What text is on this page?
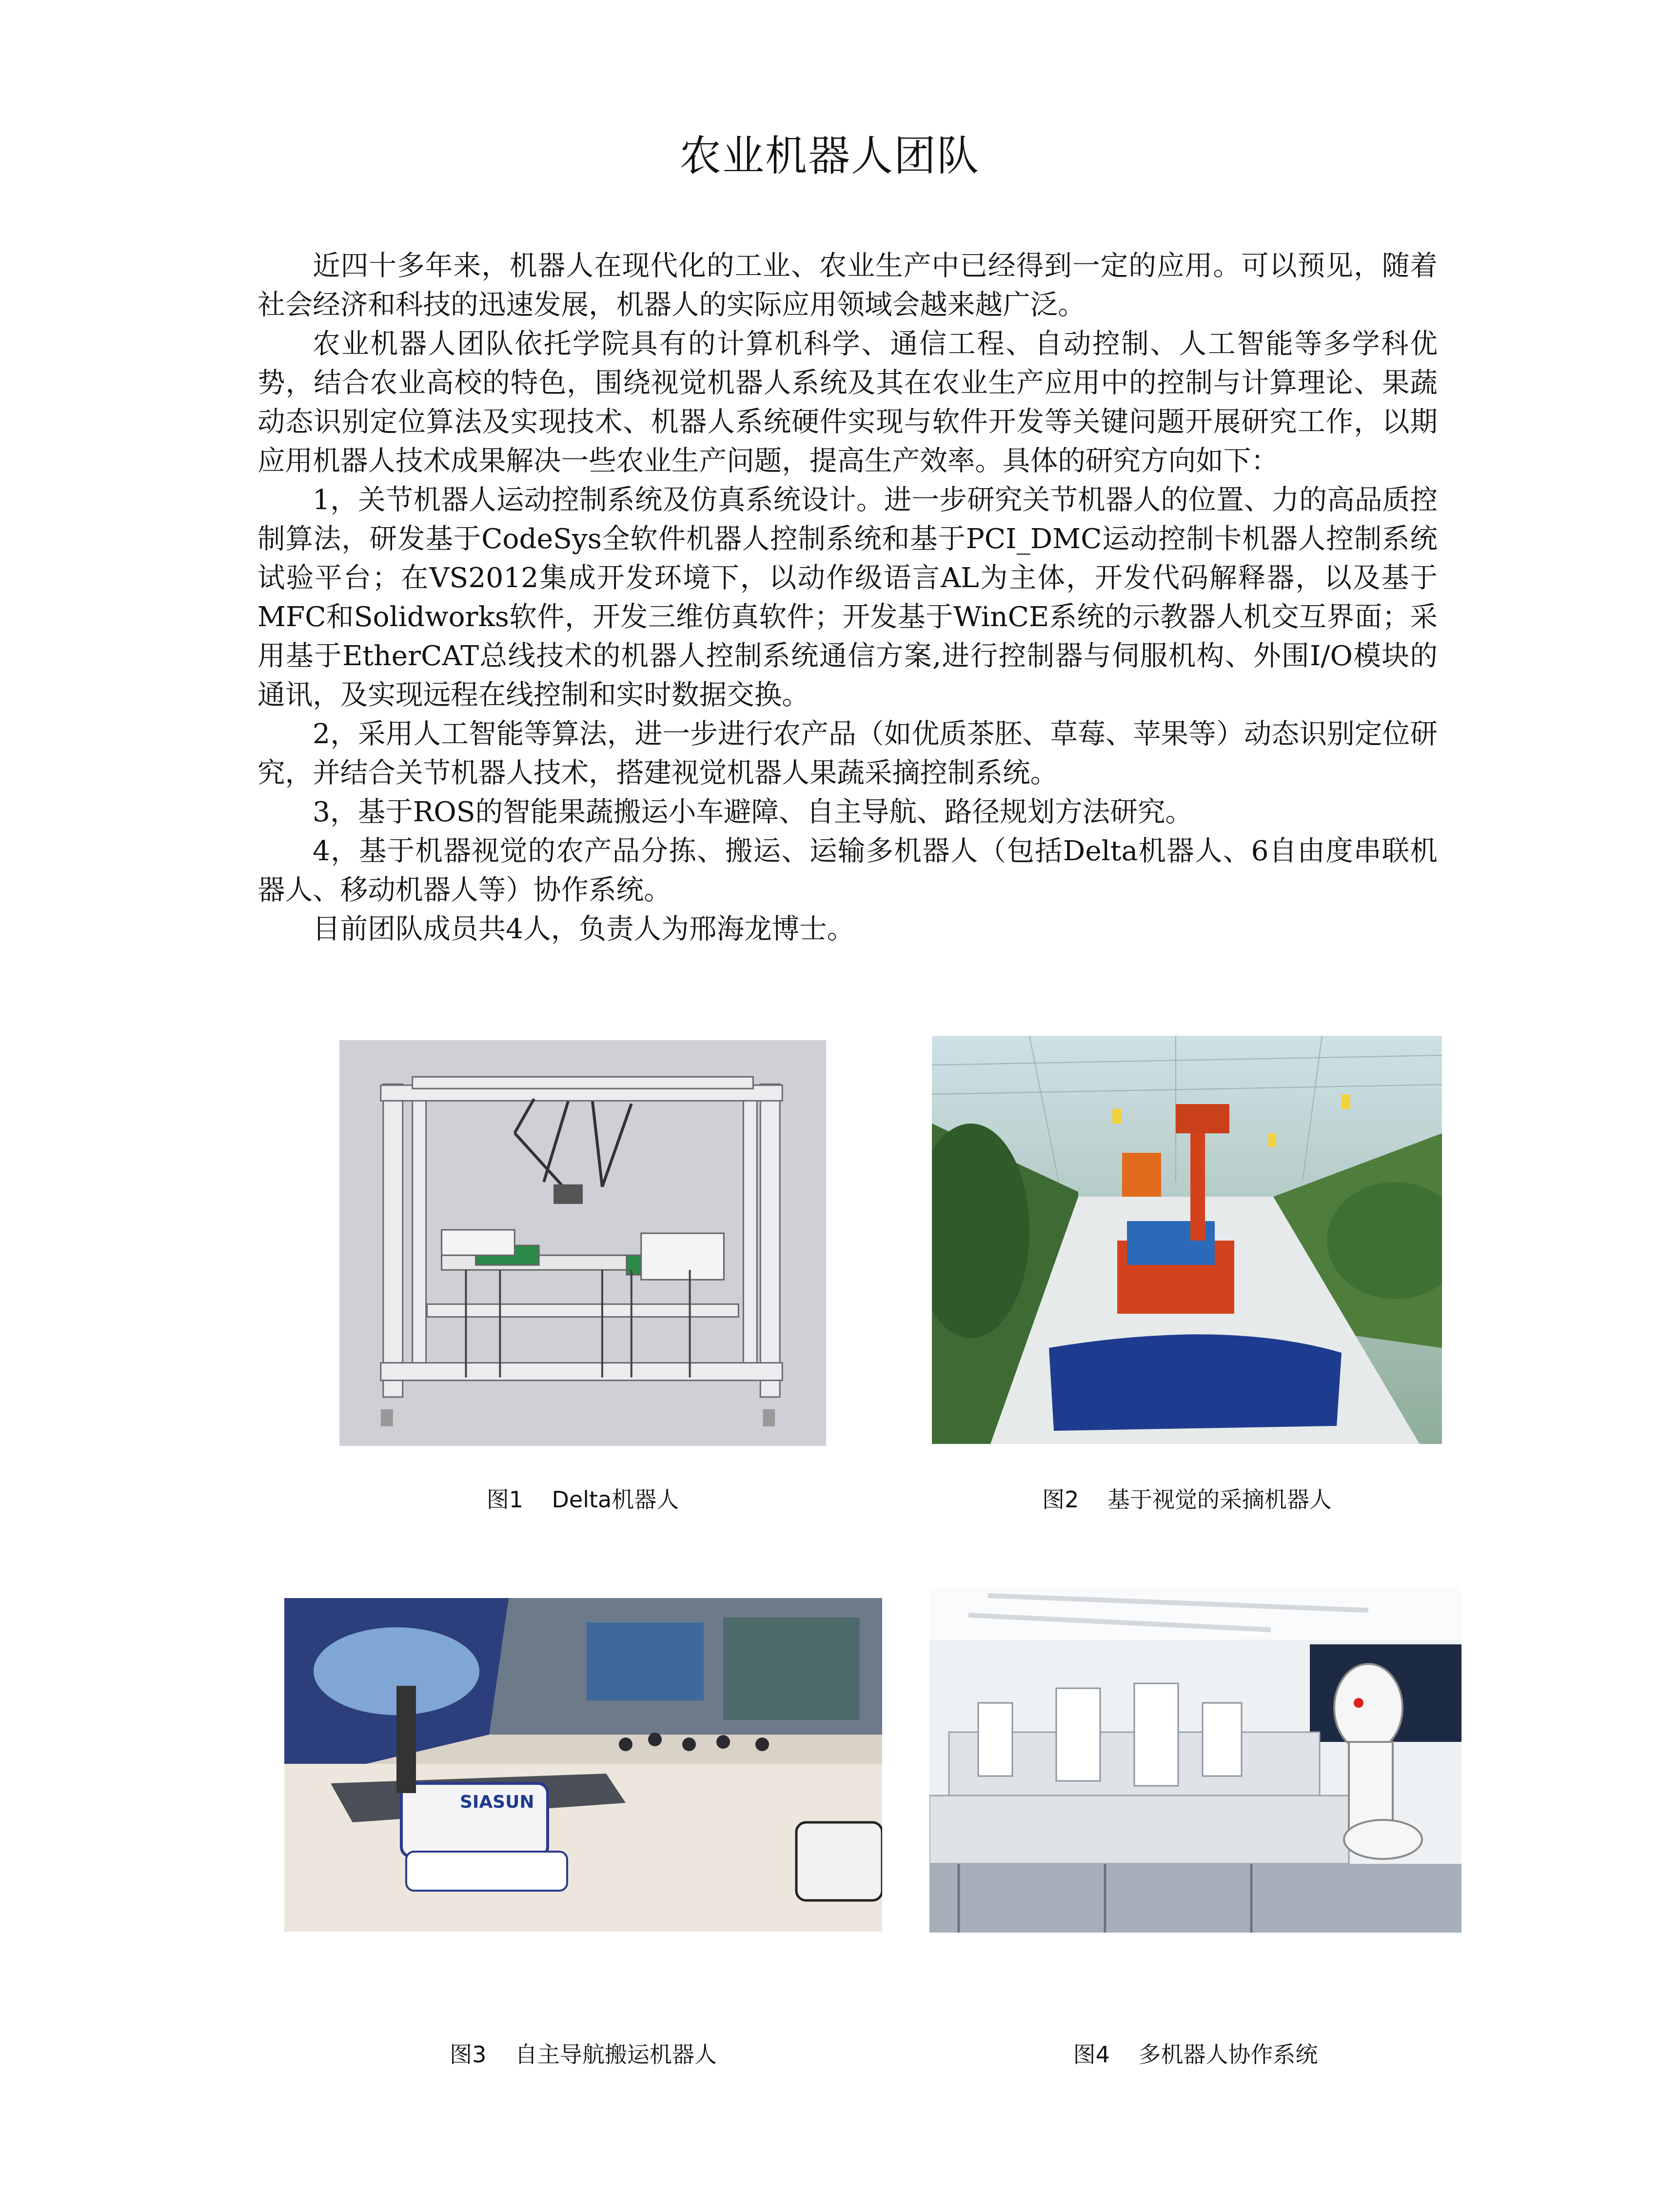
农业机器人团队

近四十多年来，机器人在现代化的工业、农业生产中已经得到一定的应用。可以预见，随着社会经济和科技的迅速发展，机器人的实际应用领域会越来越广泛。

农业机器人团队依托学院具有的计算机科学、通信工程、自动控制、人工智能等多学科优势，结合农业高校的特色，围绕视觉机器人系统及其在农业生产应用中的控制与计算理论、果蔬动态识别定位算法及实现技术、机器人系统硬件实现与软件开发等关键问题开展研究工作，以期应用机器人技术成果解决一些农业生产问题，提高生产效率。具体的研究方向如下：

1，关节机器人运动控制系统及仿真系统设计。进一步研究关节机器人的位置、力的高品质控制算法，研发基于CodeSys全软件机器人控制系统和基于PCI_DMC运动控制卡机器人控制系统试验平台；在VS2012集成开发环境下，以动作级语言AL为主体，开发代码解释器，以及基于MFC和Solidworks软件，开发三维仿真软件；开发基于WinCE系统的示教器人机交互界面；采用基于EtherCAT总线技术的机器人控制系统通信方案,进行控制器与伺服机构、外围I/O模块的通讯，及实现远程在线控制和实时数据交换。

2，采用人工智能等算法，进一步进行农产品（如优质茶胚、草莓、苹果等）动态识别定位研究，并结合关节机器人技术，搭建视觉机器人果蔬采摘控制系统。

3，基于ROS的智能果蔬搬运小车避障、自主导航、路径规划方法研究。

4，基于机器视觉的农产品分拣、搬运、运输多机器人（包括Delta机器人、6自由度串联机器人、移动机器人等）协作系统。

目前团队成员共4人，负责人为邢海龙博士。

图1    Delta机器人	图2    基于视觉的采摘机器人
SIASUN
图3    自主导航搬运机器人	图4    多机器人协作系统
